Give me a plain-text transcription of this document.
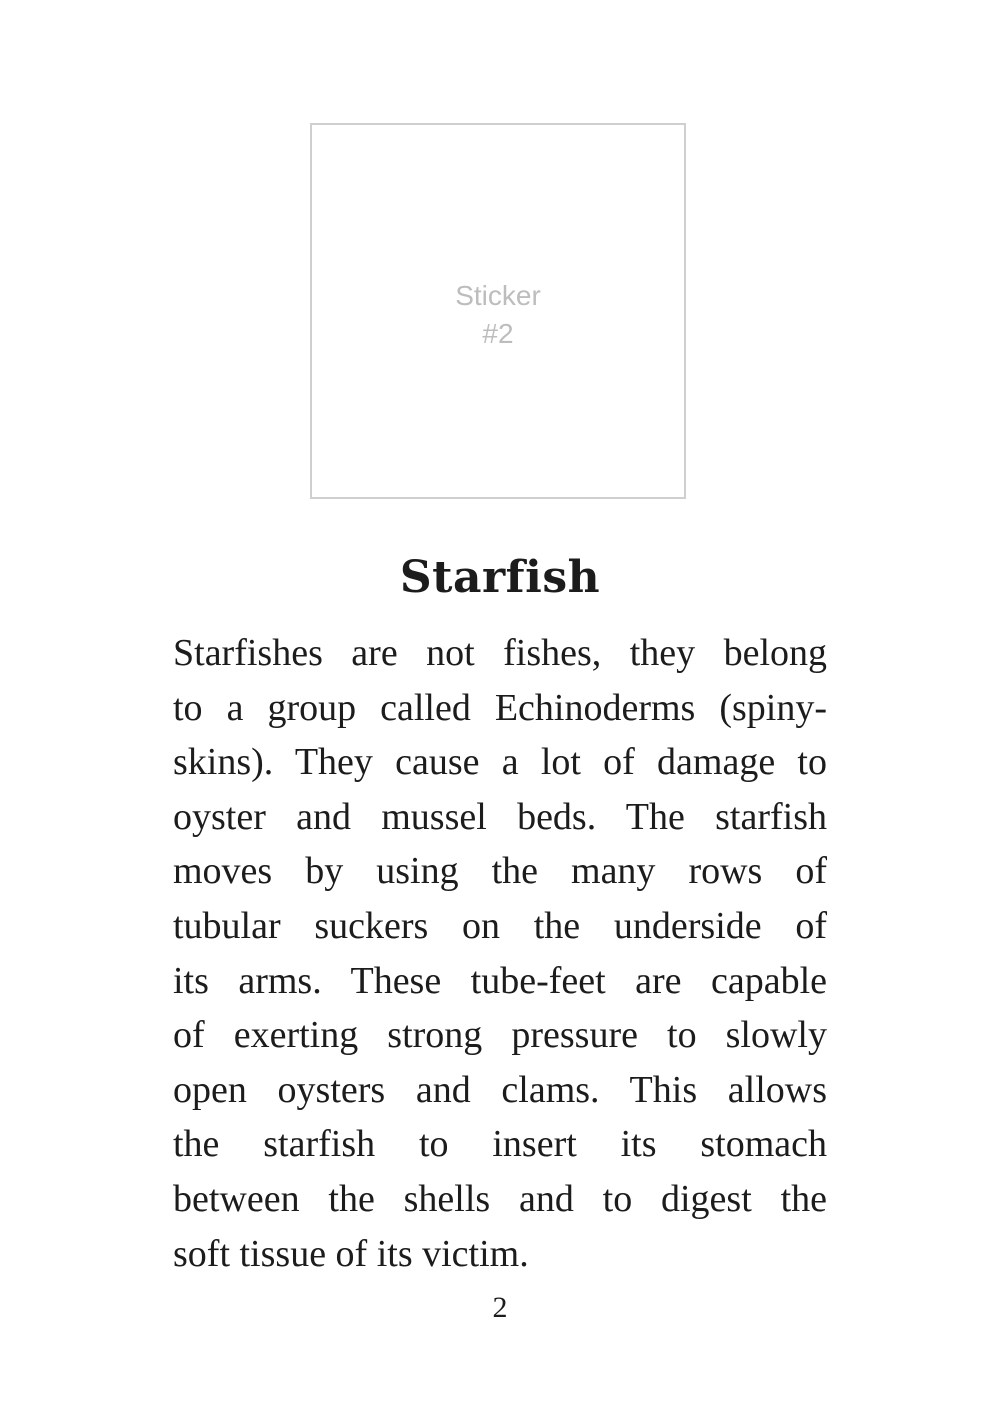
Sticker
#2
Starfish
Starfishes are not fishes, they belong
to a group called Echinoderms (spiny-
skins). They cause a lot of damage to
oyster and mussel beds. The starfish
moves by using the many rows of
tubular suckers on the underside of
its arms. These tube-feet are capable
of exerting strong pressure to slowly
open oysters and clams. This allows
the starfish to insert its stomach
between the shells and to digest the
soft tissue of its victim.
2
